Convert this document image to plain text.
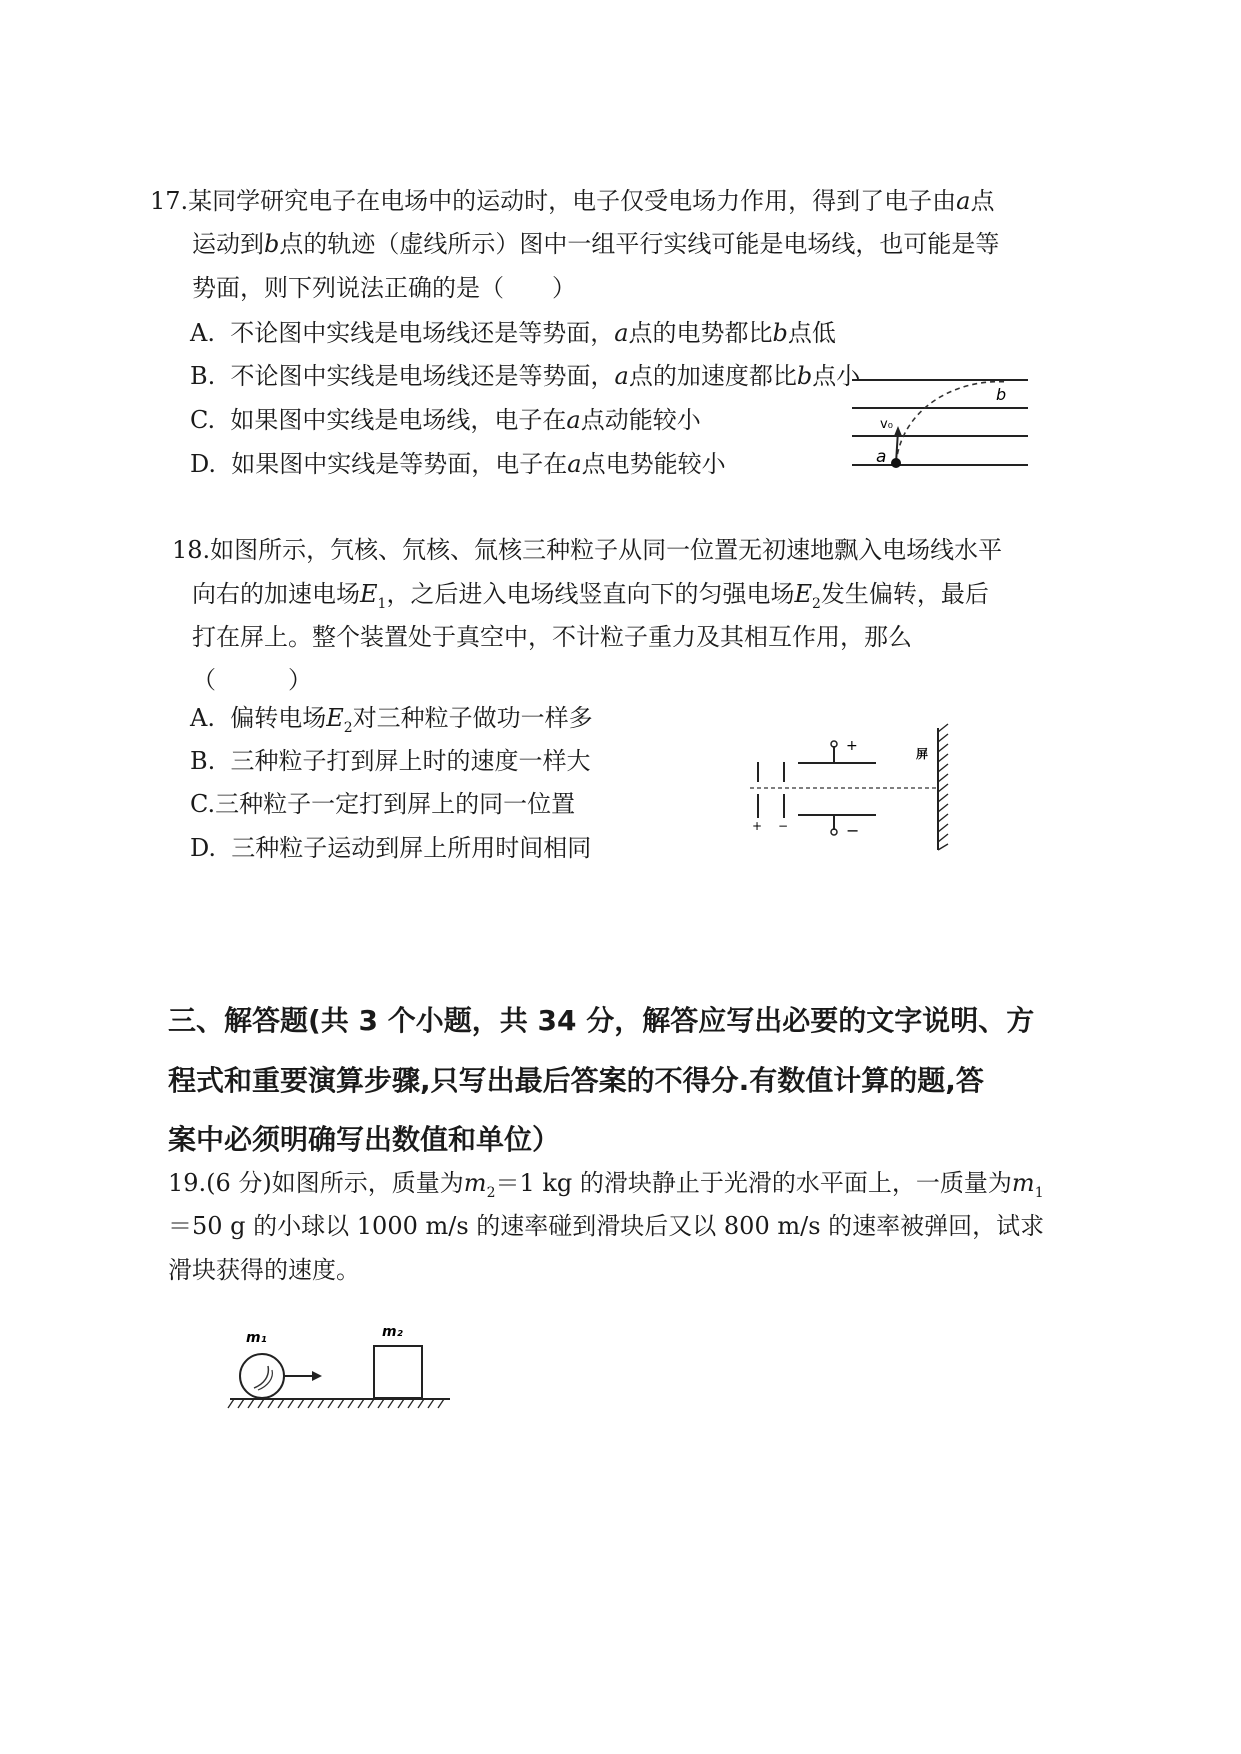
17.某同学研究电子在电场中的运动时，电子仅受电场力作用，得到了电子由a点
运动到b点的轨迹（虚线所示）图中一组平行实线可能是电场线，也可能是等
势面，则下列说法正确的是（　　）
A. 不论图中实线是电场线还是等势面，a点的电势都比b点低
B. 不论图中实线是电场线还是等势面，a点的加速度都比b点小
C. 如果图中实线是电场线，电子在a点动能较小
D. 如果图中实线是等势面，电子在a点电势能较小
b
v₀
a
18.如图所示，氕核、氘核、氚核三种粒子从同一位置无初速地飘入电场线水平
向右的加速电场$E_1$，之后进入电场线竖直向下的匀强电场$E_2$发生偏转，最后
打在屏上。整个装置处于真空中，不计粒子重力及其相互作用，那么
（　　　）
A. 偏转电场$E_2$对三种粒子做功一样多
B. 三种粒子打到屏上时的速度一样大
C.三种粒子一定打到屏上的同一位置
D. 三种粒子运动到屏上所用时间相同
+ −
+
−
屏
三、解答题(共 3 个小题，共 34 分，解答应写出必要的文字说明、方
程式和重要演算步骤,只写出最后答案的不得分.有数值计算的题,答
案中必须明确写出数值和单位）
19.(6 分)如图所示，质量为$m_2=1$ kg 的滑块静止于光滑的水平面上，一质量为$m_1$
＝50 g 的小球以 1000 m/s 的速率碰到滑块后又以 800 m/s 的速率被弹回，试求
滑块获得的速度。
m₁	m₂
